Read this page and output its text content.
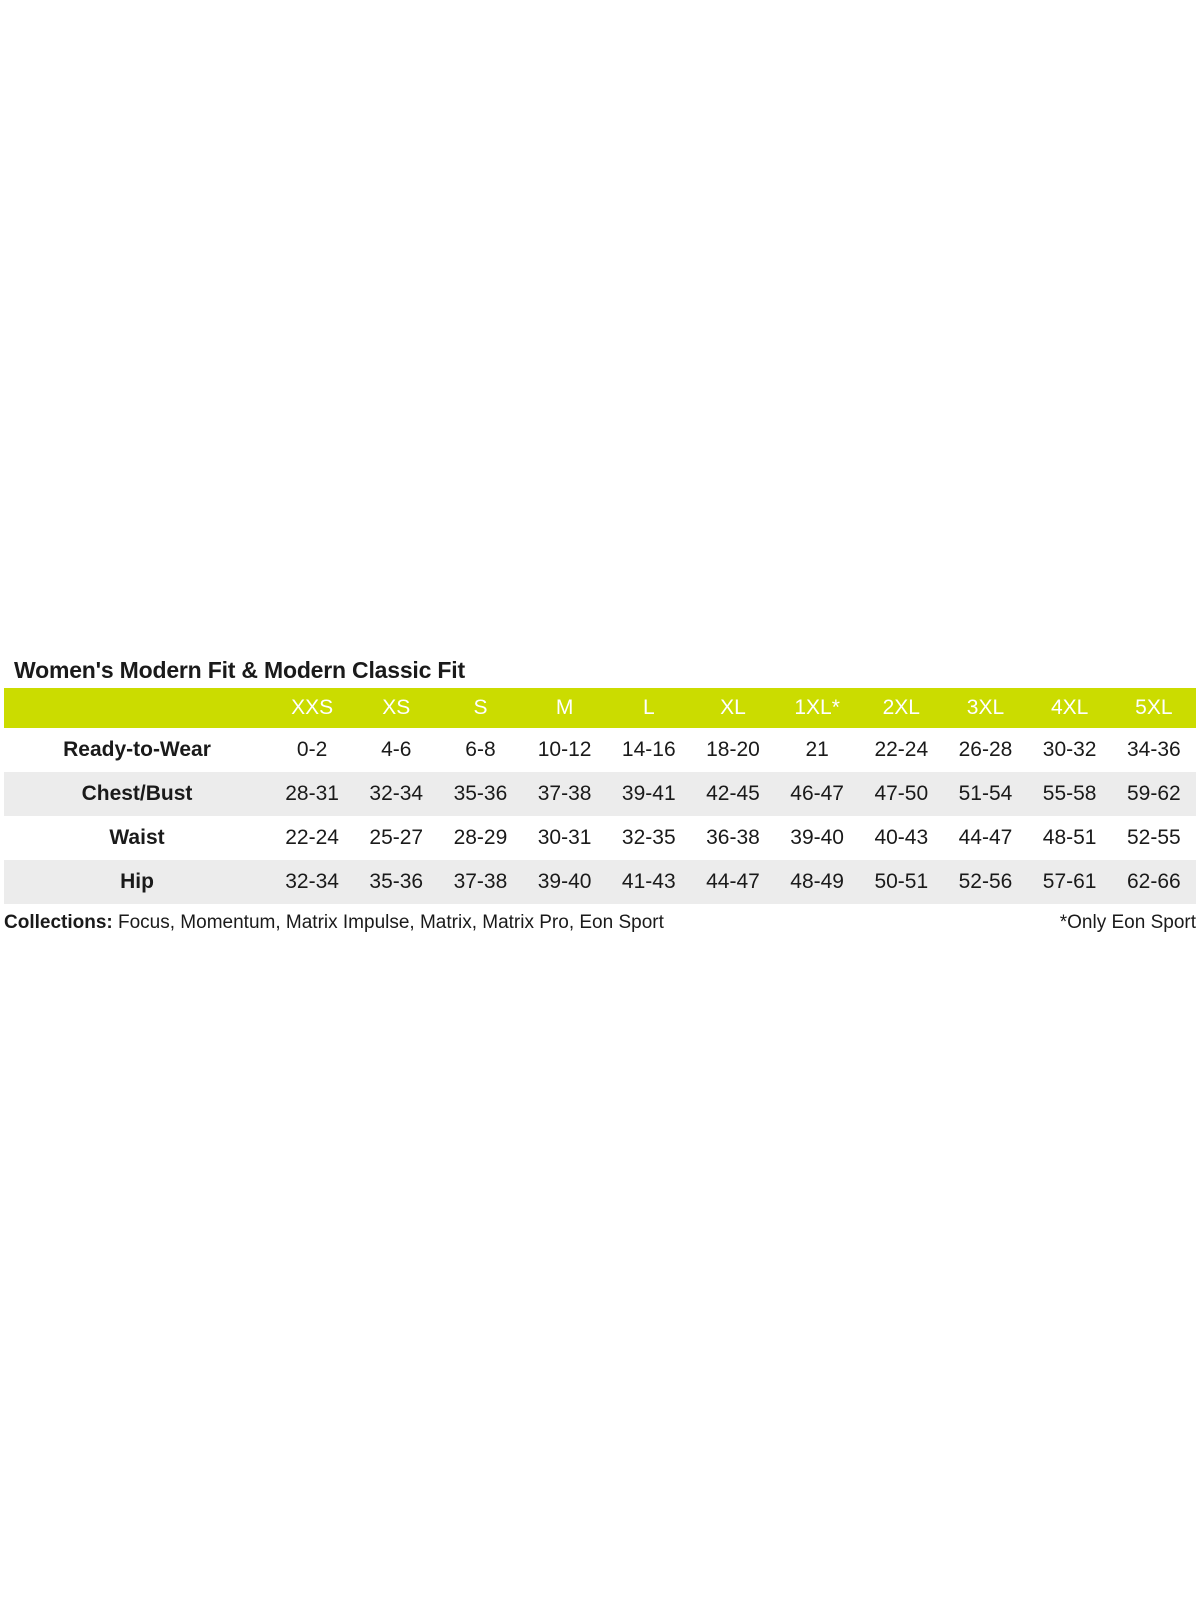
Women's Modern Fit & Modern Classic Fit
	XXS	XS	S	M	L	XL	1XL*	2XL	3XL	4XL	5XL
Ready-to-Wear	0-2	4-6	6-8	10-12	14-16	18-20	21	22-24	26-28	30-32	34-36
Chest/Bust	28-31	32-34	35-36	37-38	39-41	42-45	46-47	47-50	51-54	55-58	59-62
Waist	22-24	25-27	28-29	30-31	32-35	36-38	39-40	40-43	44-47	48-51	52-55
Hip	32-34	35-36	37-38	39-40	41-43	44-47	48-49	50-51	52-56	57-61	62-66
Collections: Focus, Momentum, Matrix Impulse, Matrix, Matrix Pro, Eon Sport	*Only Eon Sport
